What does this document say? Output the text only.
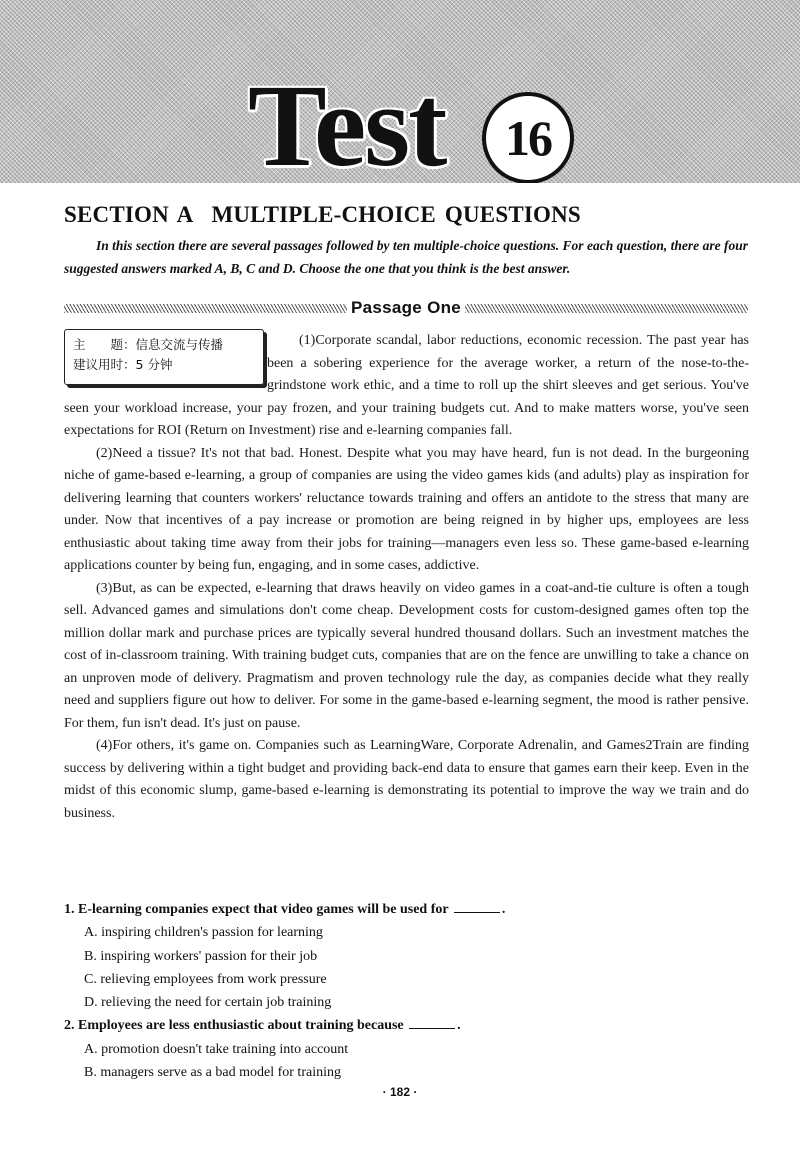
Test	16
SECTION A MULTIPLE-CHOICE QUESTIONS
In this section there are several passages followed by ten multiple-choice questions. For each question, there are four suggested answers marked A, B, C and D. Choose the one that you think is the best answer.
Passage One
主　　题：信息交流与传播
建议用时：5 分钟

(1)Corporate scandal, labor reductions, economic recession. The past year has been a sobering experience for the average worker, a return of the nose-to-the-grindstone work ethic, and a time to roll up the shirt sleeves and get serious. You've seen your workload increase, your pay frozen, and your training budgets cut. And to make matters worse, you've seen expectations for ROI (Return on Investment) rise and e-learning companies fall.

(2)Need a tissue? It's not that bad. Honest. Despite what you may have heard, fun is not dead. In the burgeoning niche of game-based e-learning, a group of companies are using the video games kids (and adults) play as inspiration for delivering learning that counters workers' reluctance towards training and offers an antidote to the stress that many are under. Now that incentives of a pay increase or promotion are being reigned in by higher ups, employees are less enthusiastic about taking time away from their jobs for training—managers even less so. These game-based e-learning applications counter by being fun, engaging, and in some cases, addictive.

(3)But, as can be expected, e-learning that draws heavily on video games in a coat-and-tie culture is often a tough sell. Advanced games and simulations don't come cheap. Development costs for custom-designed games often top the million dollar mark and purchase prices are typically several hundred thousand dollars. Such an investment matches the cost of in-classroom training. With training budget cuts, companies that are on the fence are unwilling to take a chance on an unproven mode of delivery. Pragmatism and proven technology rule the day, as companies decide what they really need and suppliers figure out how to deliver. For some in the game-based e-learning segment, the mood is rather pensive. For them, fun isn't dead. It's just on pause.

(4)For others, it's game on. Companies such as LearningWare, Corporate Adrenalin, and Games2Train are finding success by delivering within a tight budget and providing back-end data to ensure that games earn their keep. Even in the midst of this economic slump, game-based e-learning is demonstrating its potential to improve the way we train and do business.

1. E-learning companies expect that video games will be used for	.
A. inspiring children's passion for learning
B. inspiring workers' passion for their job
C. relieving employees from work pressure
D. relieving the need for certain job training
2. Employees are less enthusiastic about training because	.
A. promotion doesn't take training into account
B. managers serve as a bad model for training
· 182 ·
